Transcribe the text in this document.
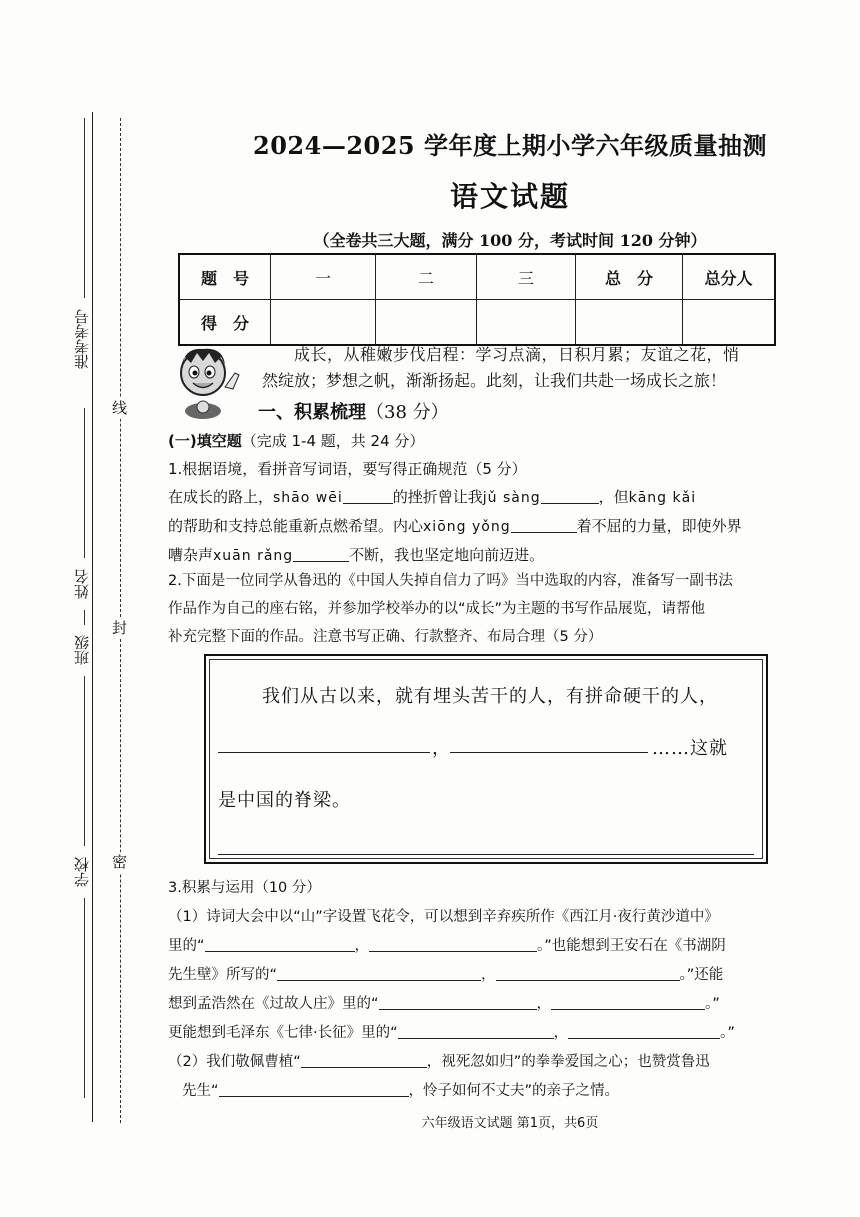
准考考号
姓名
班级
学校
线
封
密
2024—2025 学年度上期小学六年级质量抽测
语文试题
（全卷共三大题，满分 100 分，考试时间 120 分钟）
题　号	一	二	三	总　分	总分人
得　分					

成长，从稚嫩步伐启程：学习点滴，日积月累；友谊之花，悄

然绽放；梦想之帆，渐渐扬起。此刻，让我们共赴一场成长之旅！

一、积累梳理（38 分）

(一)填空题（完成 1-4 题，共 24 分）

1.根据语境，看拼音写词语，要写得正确规范（5 分）

在成长的路上，shāo wēi	的挫折曾让我jǔ sàng	，但kāng kǎi

的帮助和支持总能重新点燃希望。内心xiōng yǒng	着不屈的力量，即使外界

嘈杂声xuān rǎng	不断，我也坚定地向前迈进。

2.下面是一位同学从鲁迅的《中国人失掉自信力了吗》当中选取的内容，准备写一副书法

作品作为自己的座右铭，并参加学校举办的以“成长”为主题的书写作品展览，请帮他

补充完整下面的作品。注意书写正确、行款整齐、布局合理（5 分）

我们从古以来，就有埋头苦干的人，有拼命硬干的人，
，	……这就
是中国的脊梁。

3.积累与运用（10 分）

（1）诗词大会中以“山”字设置飞花令，可以想到辛弃疾所作《西江月·夜行黄沙道中》

里的“	，	。”也能想到王安石在《书湖阴

先生壁》所写的“	，	。”还能

想到孟浩然在《过故人庄》里的“	，	。”

更能想到毛泽东《七律·长征》里的“	，	。”

（2）我们敬佩曹植“	，视死忽如归”的拳拳爱国之心；也赞赏鲁迅

先生“	，怜子如何不丈夫”的亲子之情。

六年级语文试题 第1页，共6页
